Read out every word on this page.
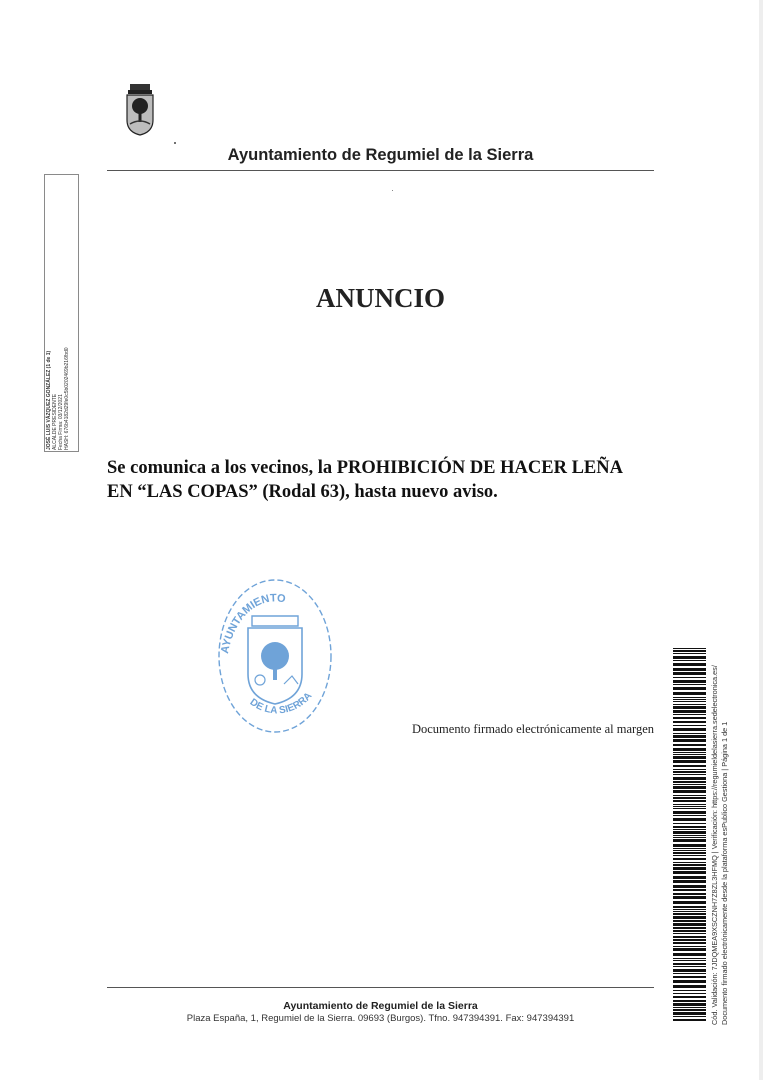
Ayuntamiento de Regumiel de la Sierra
JOSÉ LUIS VÁZQUEZ GONZÁLEZ (1 de 1) ALCALDE PRESIDENTE Fecha Firma: 03/12/2021 HASH: 676b4182d29fe0c5b0202469b216fbd0
ANUNCIO
Se comunica a los vecinos, la PROHIBICIÓN DE HACER LEÑA
EN “LAS COPAS” (Rodal 63), hasta nuevo aviso.
AYUNTAMIENTO
DE LA SIERRA
Documento firmado electrónicamente al margen	Cód. Validación: 7JDQMEA9XSCZNH7Z8ZL3HFMQ | Verificación: https://regumieldelasierra.sedelectronica.es/ Documento firmado electrónicamente desde la plataforma esPublico Gestiona | Página 1 de 1
Ayuntamiento de Regumiel de la Sierra
Plaza España, 1, Regumiel de la Sierra. 09693 (Burgos). Tfno. 947394391. Fax: 947394391
